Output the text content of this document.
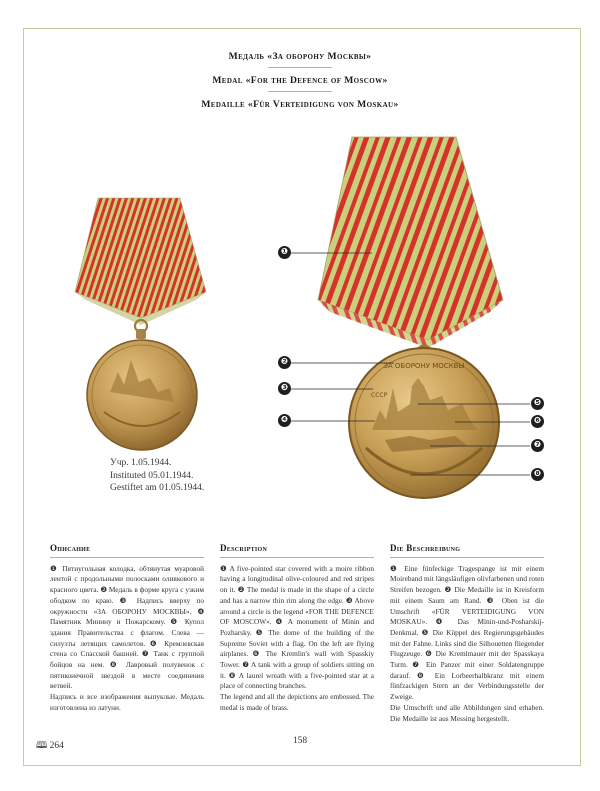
Медаль «За оборону Москвы»
Medal «For the Defence of Moscow»
Medaille «Für Verteidigung von Moskau»
ЗА ОБОРОНУ МОСКВЫ
СССР
❶
❷
❸
❹
❺
❻
❼
❽
Учр. 1.05.1944.
Instituted 05.01.1944.
Gestiftet am 01.05.1944.
Описание

❶ Пятиугольная колодка, обтянутая муаровой лентой с продольными полосками оливкового и красного цвета. ❷ Медаль в форме круга с узким ободком по краю. ❸ Надпись вверху по окружности «ЗА ОБОРОНУ МОСКВЫ». ❹ Памятник Минину и Пожарскому. ❺ Купол здания Правительства с флагом. Слева — силуэты летящих самолетов. ❻ Кремлевская стена со Спасской башней. ❼ Танк с группой бойцов на нем. ❽ Лавровый полувенок с пятиконечной звездой в месте соединения ветвей.

Надпись и все изображения выпуклые. Медаль изготовлена из латуни.

Description

❶ A five-pointed star covered with a moire ribbon having a longitudinal olive-coloured and red stripes on it. ❷ The medal is made in the shape of a circle and has a narrow thin rim along the edge. ❸ Above around a circle is the legend «FOR THE DEFENCE OF MOSCOW». ❹ A monument of Minin and Pozharsky. ❺ The dome of the building of the Supreme Soviet with a flag. On the left are flying airplanes. ❻ The Kremlin's wall with Spasskiy Tower. ❼ A tank with a group of soldiers sitting on it. ❽ A laurel wreath with a five-pointed star at a place of connecting branches.

The legend and all the depictions are embossed. The medal is made of brass.

Die Beschreibung

❶ Eine fünfeckige Tragespange ist mit einem Moireband mit längsläufigen olivfarbenen und roten Streifen bezogen. ❷ Die Medaille ist in Kreisform mit einem Saum am Rand. ❸ Oben ist die Umschrift «FÜR VERTEIDIGUNG VON MOSKAU». ❹ Das Minin-und-Posharskij-Denkmal. ❺ Die Küppel des Regierungsgebäudes mit der Fahne. Links sind die Silhouetten fliegender Flugzeuge. ❻ Die Kremlmauer mit der Spasskaya Turm. ❼ Ein Panzer mit einer Soldatengruppe darauf. ❽ Ein Lorbeerhalbkranz mit einem fünfzackigen Stern an der Verbindungsstelle der Zweige.

Die Umschrift und alle Abbildungen sind erhaben. Die Medaille ist aus Messing hergestellt.

🕮 264	158
